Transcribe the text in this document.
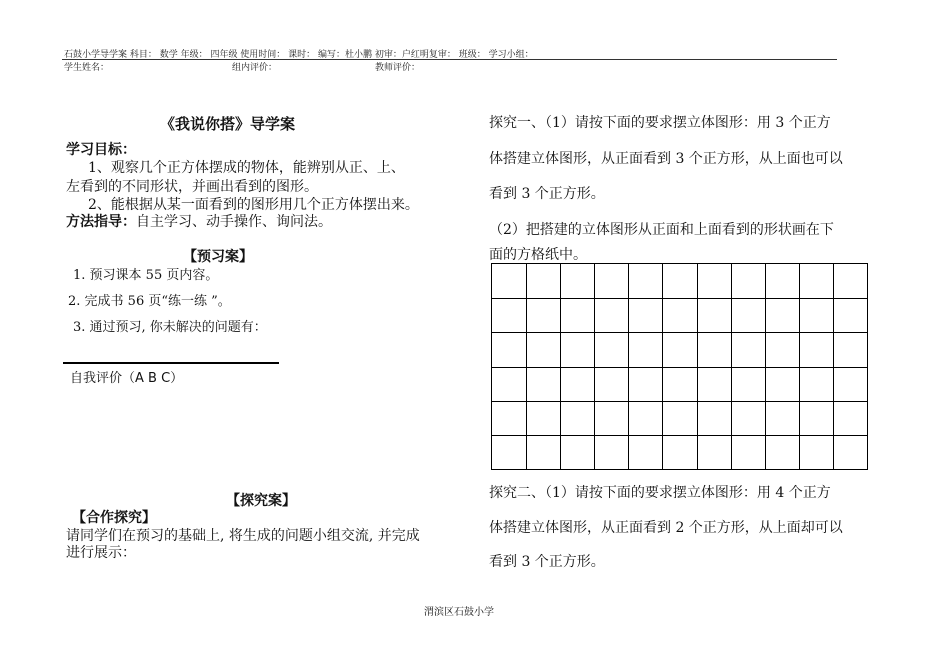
石鼓小学导学案 科目： 数学 年级： 四年级 使用时间： 课时： 编写：杜小鹏 初审：户红明复审： 班级： 学习小组：
学生姓名：	组内评价：	教师评价：
《我说你搭》导学案
学习目标：
1、观察几个正方体摆成的物体，能辨别从正、上、
左看到的不同形状，并画出看到的图形。
2、能根据从某一面看到的图形用几个正方体摆出来。
方法指导：自主学习、动手操作、询问法。
【预习案】
1. 预习课本 55 页内容。
2. 完成书 56 页“练一练 ”。
3. 通过预习, 你未解决的问题有：
自我评价（A B C）
【探究案】
【合作探究】
请同学们在预习的基础上, 将生成的问题小组交流, 并完成
进行展示：
探究一、（1）请按下面的要求摆立体图形：用 3 个正方
体搭建立体图形，从正面看到 3 个正方形，从上面也可以
看到 3 个正方形。
（2）把搭建的立体图形从正面和上面看到的形状画在下
面的方格纸中。
探究二、（1）请按下面的要求摆立体图形：用 4 个正方
体搭建立体图形，从正面看到 2 个正方形，从上面却可以
看到 3 个正方形。
渭滨区石鼓小学
